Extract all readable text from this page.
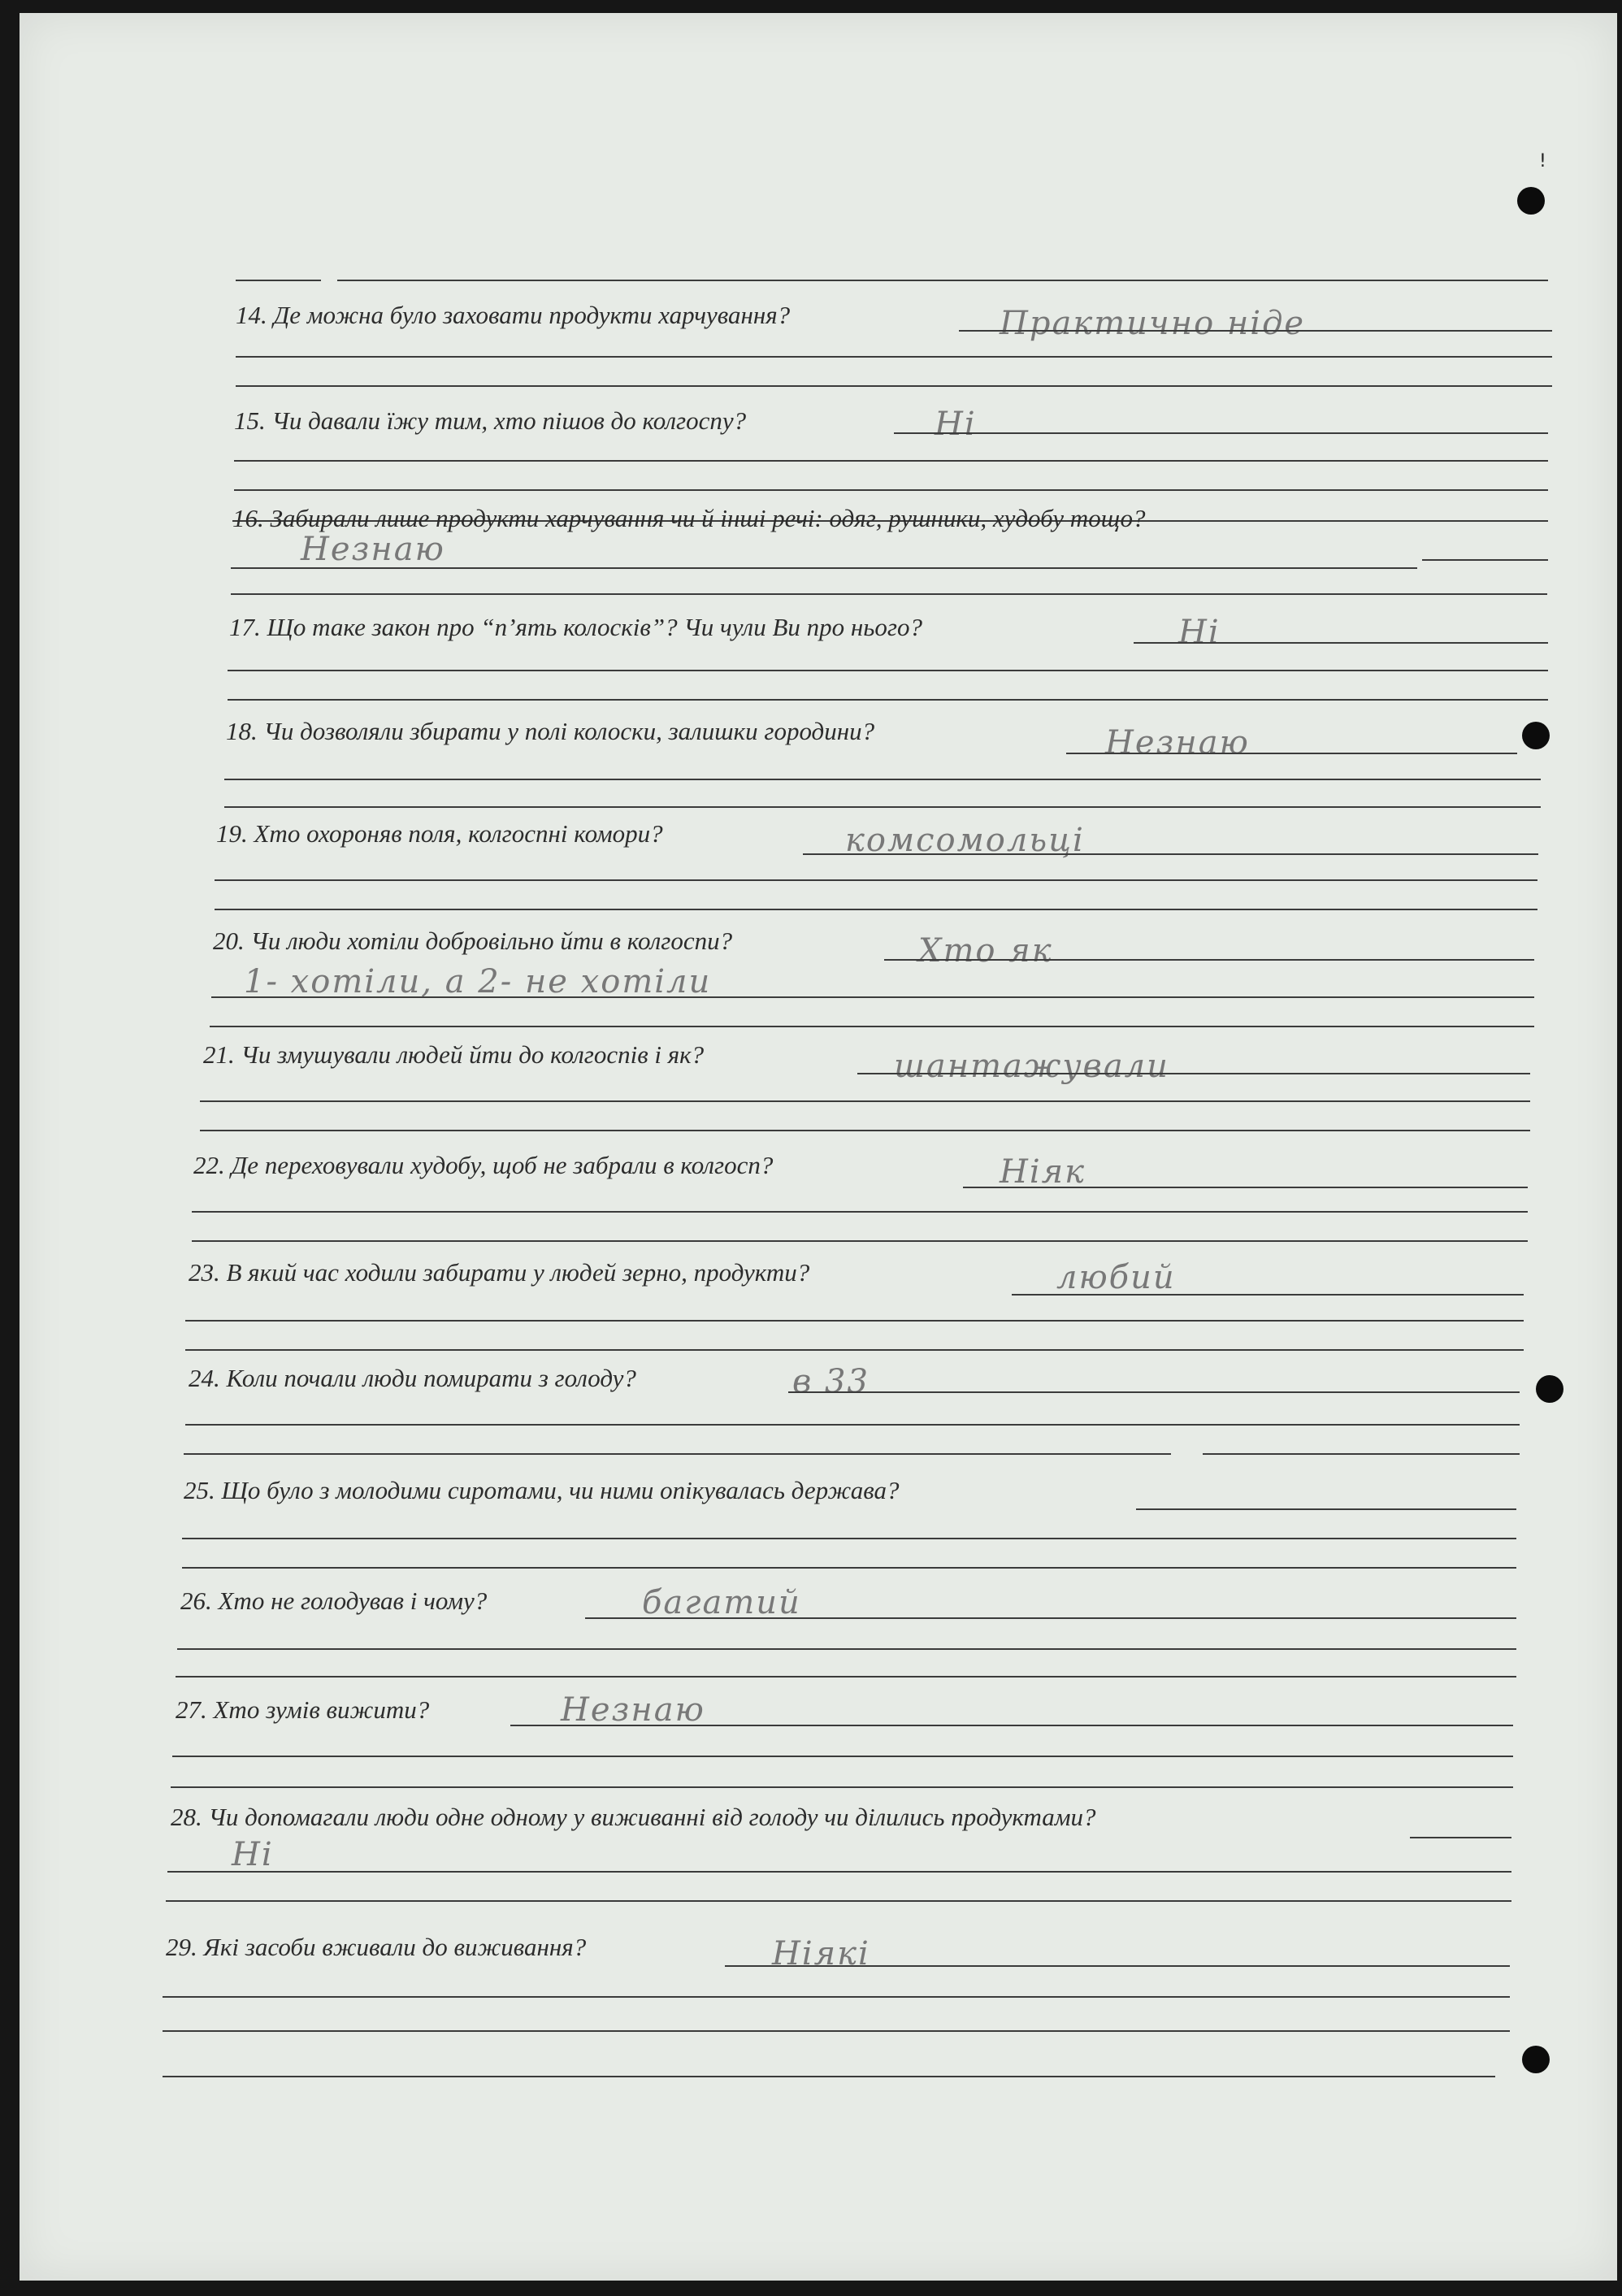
!
14. Де можна було заховати продукти харчування?	Практично ніде
15. Чи давали їжу тим, хто пішов до колгоспу?	Ні
16. Забирали лише продукти харчування чи й інші речі: одяг, рушники, худобу тощо?
Незнаю
17. Що таке закон про “п’ять колосків”? Чи чули Ви про нього?	Ні
18. Чи дозволяли збирати у полі колоски, залишки городини?	Незнаю
19. Хто охороняв поля, колгоспні комори?	комсомольці
20. Чи люди хотіли добровільно йти в колгоспи?	Хто як
1- хотіли, а 2- не хотіли
21. Чи змушували людей йти до колгоспів і як?	шантажували
22. Де переховували худобу, щоб не забрали в колгосп?	Ніяк
23. В який час ходили забирати у людей зерно, продукти?	любий
24. Коли почали люди помирати з голоду?	в 33
25. Що було з молодими сиротами, чи ними опікувалась держава?
26. Хто не голодував і чому?	багатий
27. Хто зумів вижити?	Незнаю
28. Чи допомагали люди одне одному у виживанні від голоду чи ділились продуктами?
Ні
29. Які засоби вживали до виживання?	Ніякі
